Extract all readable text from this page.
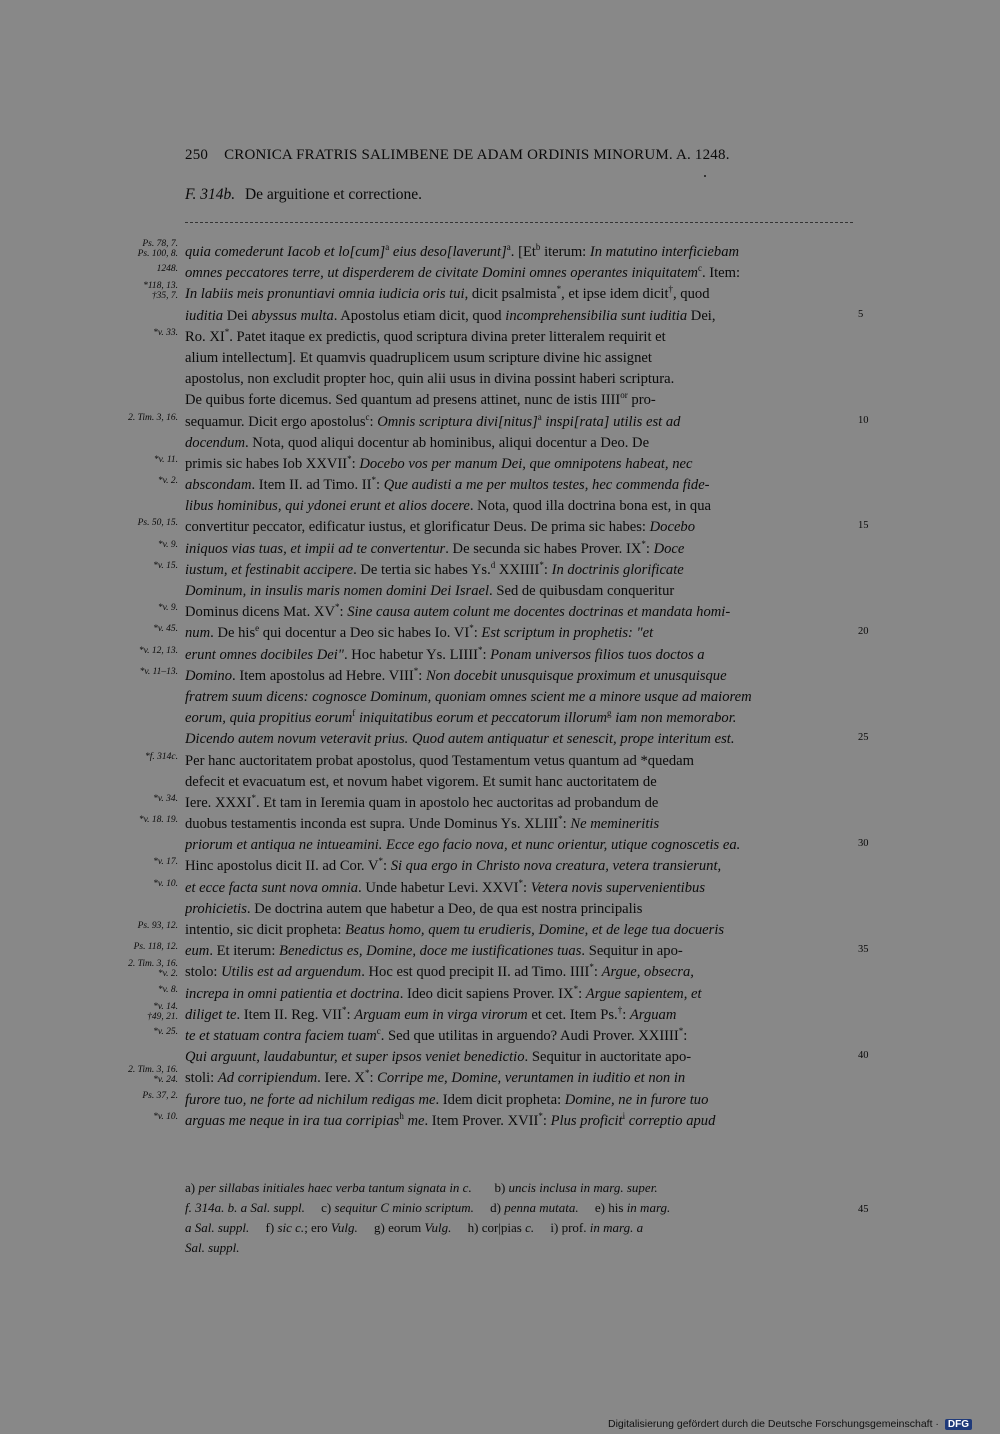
250 CRONICA FRATRIS SALIMBENE DE ADAM ORDINIS MINORUM. A. 1248.
F. 314b. De arguitione et correctione.
Ps. 78, 7.
Ps. 100, 8. quia comederunt Iacob et lo[cum]$^a$ eius deso[laverunt]$^a$. [Et$^b$ iterum: In matutino interficiebam
1248. omnes peccatores terre, ut disperderem de civitate Domini omnes operantes iniquitatem$^c$. Item:
*118, 13.
†35, 7. In labiis meis pronuntiavi omnia iudicia oris tui, dicit psalmista*, et ipse idem dicit†, quod
iuditia Dei abyssus multa. Apostolus etiam dicit, quod incomprehensibilia sunt iuditia Dei,	5
*v. 33. Ro. XI*. Patet itaque ex predictis, quod scriptura divina preter litteralem requirit et
alium intellectum]. Et quamvis quadruplicem usum scripture divine hic assignet
apostolus, non excludit propter hoc, quin alii usus in divina possint haberi scriptura.
De quibus forte dicemus. Sed quantum ad presens attinet, nunc de istis $IIII^{or}$ pro-
2. Tim. 3, 16. sequamur. Dicit ergo apostolus$^c$: Omnis scriptura divi[nitus]$^a$ inspi[rata] utilis est ad	10
docendum. Nota, quod aliqui docentur ab hominibus, aliqui docentur a Deo. De
*v. 11. primis sic habes Iob XXVII*: Docebo vos per manum Dei, que omnipotens habeat, nec
*v. 2. abscondam. Item II. ad Timo. II*: Que audisti a me per multos testes, hec commenda fide-
libus hominibus, qui ydonei erunt et alios docere. Nota, quod illa doctrina bona est, in qua
Ps. 50, 15. convertitur peccator, edificatur iustus, et glorificatur Deus. De prima sic habes: Docebo	15
*v. 9. iniquos vias tuas, et impii ad te convertentur. De secunda sic habes Prover. IX*: Doce
*v. 15. iustum, et festinabit accipere. De tertia sic habes Ys.$^d$ XXIIII*: In doctrinis glorificate
Dominum, in insulis maris nomen domini Dei Israel. Sed de quibusdam conqueritur
*v. 9. Dominus dicens Mat. XV*: Sine causa autem colunt me docentes doctrinas et mandata homi-
*v. 45. num. De his$^e$ qui docentur a Deo sic habes Io. VI*: Est scriptum in prophetis: "et	20
*v. 12, 13. erunt omnes docibiles Dei". Hoc habetur Ys. LIIII*: Ponam universos filios tuos doctos a
*v. 11–13. Domino. Item apostolus ad Hebre. VIII*: Non docebit unusquisque proximum et unusquisque
fratrem suum dicens: cognosce Dominum, quoniam omnes scient me a minore usque ad maiorem
eorum, quia propitius eorum$^f$ iniquitatibus eorum et peccatorum illorum$^g$ iam non memorabor.
Dicendo autem novum veteravit prius. Quod autem antiquatur et senescit, prope interitum est.	25
*f. 314c. Per hanc auctoritatem probat apostolus, quod Testamentum vetus quantum ad *quedam
defecit et evacuatum est, et novum habet vigorem. Et sumit hanc auctoritatem de
*v. 34. Iere. XXXI*. Et tam in Ieremia quam in apostolo hec auctoritas ad probandum de
*v. 18. 19. duobus testamentis inconda est supra. Unde Dominus Ys. XLIII*: Ne memineritis
priorum et antiqua ne intueamini. Ecce ego facio nova, et nunc orientur, utique cognoscetis ea.	30
*v. 17. Hinc apostolus dicit II. ad Cor. V*: Si qua ergo in Christo nova creatura, vetera transierunt,
*v. 10. et ecce facta sunt nova omnia. Unde habetur Levi. XXVI*: Vetera novis supervenientibus
prohicietis. De doctrina autem que habetur a Deo, de qua est nostra principalis
Ps. 93, 12. intentio, sic dicit propheta: Beatus homo, quem tu erudieris, Domine, et de lege tua docueris
Ps. 118, 12. eum. Et iterum: Benedictus es, Domine, doce me iustificationes tuas. Sequitur in apo-	35
2. Tim. 3, 16.
*v. 2. stolo: Utilis est ad arguendum. Hoc est quod precipit II. ad Timo. IIII*: Argue, obsecra,
*v. 8. increpa in omni patientia et doctrina. Ideo dicit sapiens Prover. IX*: Argue sapientem, et
*v. 14.
†49, 21. diliget te. Item II. Reg. VII*: Arguam eum in virga virorum et cet. Item Ps.†: Arguam
*v. 25. te et statuam contra faciem tuam$^c$. Sed que utilitas in arguendo? Audi Prover. XXIIII*:
Qui arguunt, laudabuntur, et super ipsos veniet benedictio. Sequitur in auctoritate apo-	40
2. Tim. 3, 16.
*v. 24. stoli: Ad corripiendum. Iere. X*: Corripe me, Domine, veruntamen in iuditio et non in
Ps. 37, 2. furore tuo, ne forte ad nichilum redigas me. Idem dicit propheta: Domine, ne in furore tuo
*v. 10. arguas me neque in ira tua corripias$^h$ me. Item Prover. XVII*: Plus proficit$^i$ correptio apud
a) per sillabas initiales haec verba tantum signata in c.       b) uncis inclusa in marg. super.
f. 314a. b. a Sal. suppl.     c) sequitur C minio scriptum.     d) penna mutata.     e) his in marg.	45
a Sal. suppl.     f) sic c.; ero Vulg.     g) eorum Vulg.     h) cor|pias c.     i) prof. in marg. a
Sal. suppl.
Digitalisierung gefördert durch die Deutsche Forschungsgemeinschaft · DFG
